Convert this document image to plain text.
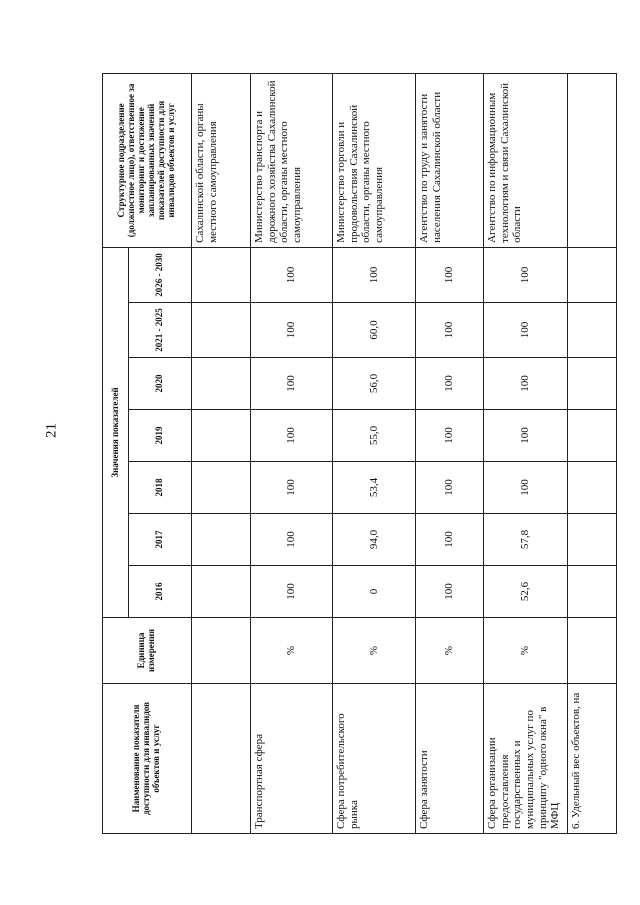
21
Наименование показателя доступности для инвалидов объектов и услуг	Единица измерения	Значения показателей							Структурное подразделение (должностное лицо), ответственное за мониторинг и достижение запланированных значений показателей доступности для инвалидов объектов и услуг
		2016	2017	2018	2019	2020	2021 - 2025	2026 - 2030	
									Сахалинской области, органы местного самоуправления
Транспортная сфера	%	100	100	100	100	100	100	100	Министерство транспорта и дорожного хозяйства Сахалинской области, органы местного самоуправления
Сфера потребительского рынка	%	0	94,0	53,4	55,0	56,0	60,0	100	Министерство торговли и продовольствия Сахалинской области, органы местного самоуправления
Сфера занятости	%	100	100	100	100	100	100	100	Агентство по труду и занятости населения Сахалинской области
Сфера организации предоставления государственных и муниципальных услуг по принципу "одного окна" в МФЦ	%	52,6	57,8	100	100	100	100	100	Агентство по информационным технологиям и связи Сахалинской области
6. Удельный вес объектов, на									
